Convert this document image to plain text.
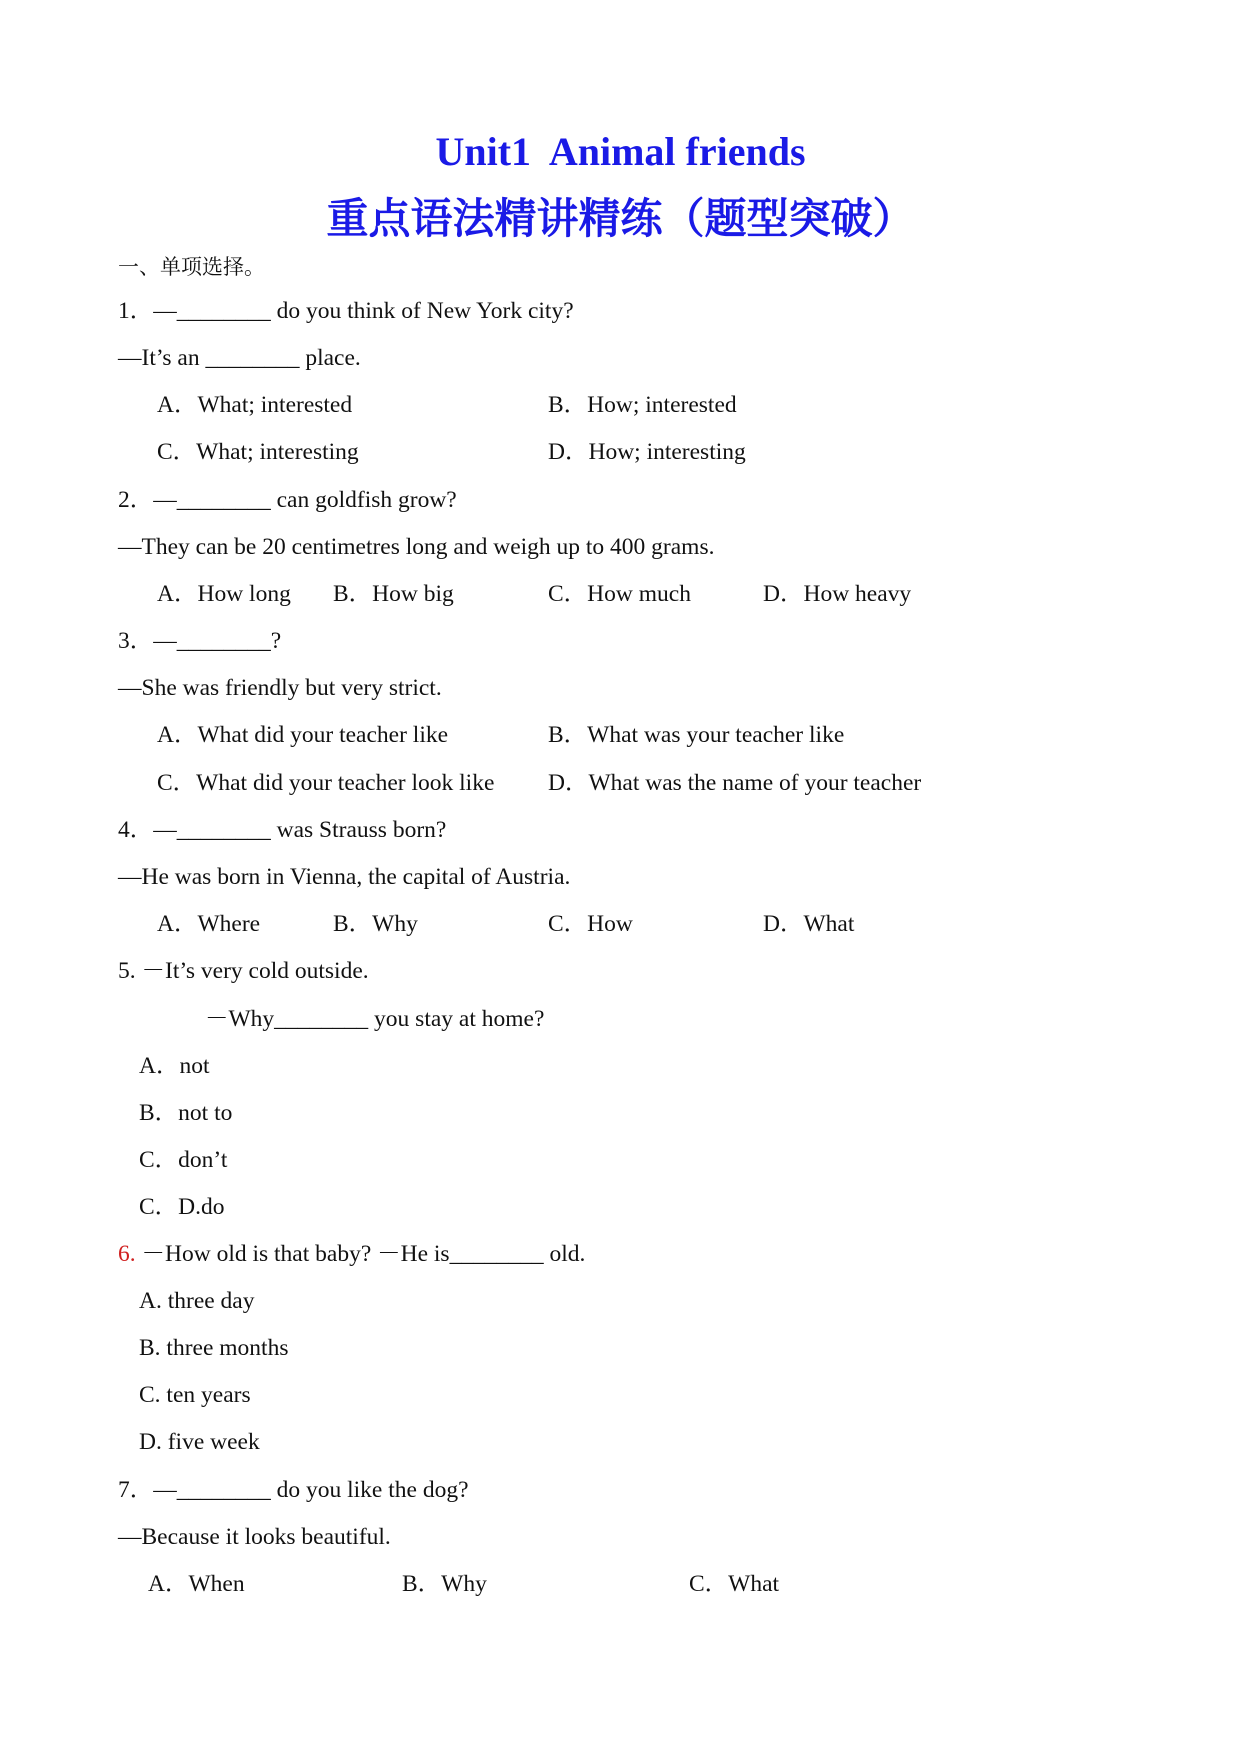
Unit1  Animal friends
重点语法精讲精练（题型突破）
一、单项选择。
1．—________ do you think of New York city?
—It’s an ________ place.
A．What; interested	B．How; interested
C．What; interesting	D．How; interesting
2．—________ can goldfish grow?
—They can be 20 centimetres long and weigh up to 400 grams.
A．How long B．How big	C．How much	D．How heavy
3．—________?
—She was friendly but very strict.
A．What did your teacher like	B．What was your teacher like
C．What did your teacher look like D．What was the name of your teacher
4．—________ was Strauss born?
—He was born in Vienna, the capital of Austria.
A．Where	B．Why	C．How	D．What
5. －It’s very cold outside.
－Why________ you stay at home?
A．not
B．not to
C．don’t
C．D.do
6. －How old is that baby? －He is________ old.
A. three day
B. three months
C. ten years
D. five week
7．—________ do you like the dog?
—Because it looks beautiful.
A．When	B．Why	C．What
